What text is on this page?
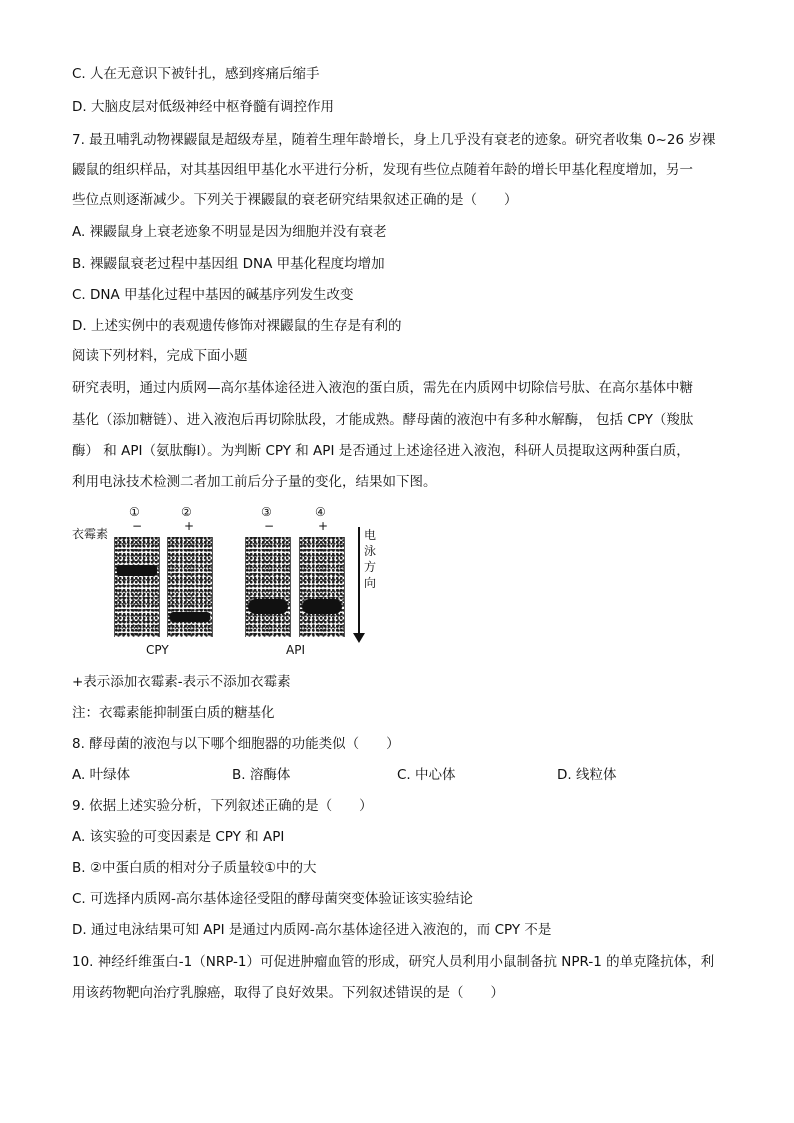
C. 人在无意识下被针扎，感到疼痛后缩手
D. 大脑皮层对低级神经中枢脊髓有调控作用
7. 最丑哺乳动物裸鼹鼠是超级寿星，随着生理年龄增长，身上几乎没有衰老的迹象。研究者收集 0~26 岁裸
鼹鼠的组织样品，对其基因组甲基化水平进行分析，发现有些位点随着年龄的增长甲基化程度增加，另一
些位点则逐渐减少。下列关于裸鼹鼠的衰老研究结果叙述正确的是（　　）
A. 裸鼹鼠身上衰老迹象不明显是因为细胞并没有衰老
B. 裸鼹鼠衰老过程中基因组 DNA 甲基化程度均增加
C. DNA 甲基化过程中基因的碱基序列发生改变
D. 上述实例中的表观遗传修饰对裸鼹鼠的生存是有利的
阅读下列材料，完成下面小题
研究表明，通过内质网—高尔基体途径进入液泡的蛋白质，需先在内质网中切除信号肽、在高尔基体中糖
基化（添加糖链）、进入液泡后再切除肽段，才能成熟。酵母菌的液泡中有多种水解酶， 包括 CPY（羧肽
酶） 和 API（氨肽酶Ⅰ）。为判断 CPY 和 API 是否通过上述途径进入液泡，科研人员提取这两种蛋白质，
利用电泳技术检测二者加工前后分子量的变化，结果如下图。
衣霉素
①
−
②
+
③
−
④
+
CPY	API
电泳方向
+表示添加衣霉素-表示不添加衣霉素
注：衣霉素能抑制蛋白质的糖基化
8. 酵母菌的液泡与以下哪个细胞器的功能类似（　　）
A. 叶绿体	B. 溶酶体	C. 中心体	D. 线粒体
9. 依据上述实验分析，下列叙述正确的是（　　）
A. 该实验的可变因素是 CPY 和 API
B. ②中蛋白质的相对分子质量较①中的大
C. 可选择内质网-高尔基体途径受阻的酵母菌突变体验证该实验结论
D. 通过电泳结果可知 API 是通过内质网-高尔基体途径进入液泡的，而 CPY 不是
10. 神经纤维蛋白-1（NRP-1）可促进肿瘤血管的形成，研究人员利用小鼠制备抗 NPR-1 的单克隆抗体，利
用该药物靶向治疗乳腺癌，取得了良好效果。下列叙述错误的是（　　）
